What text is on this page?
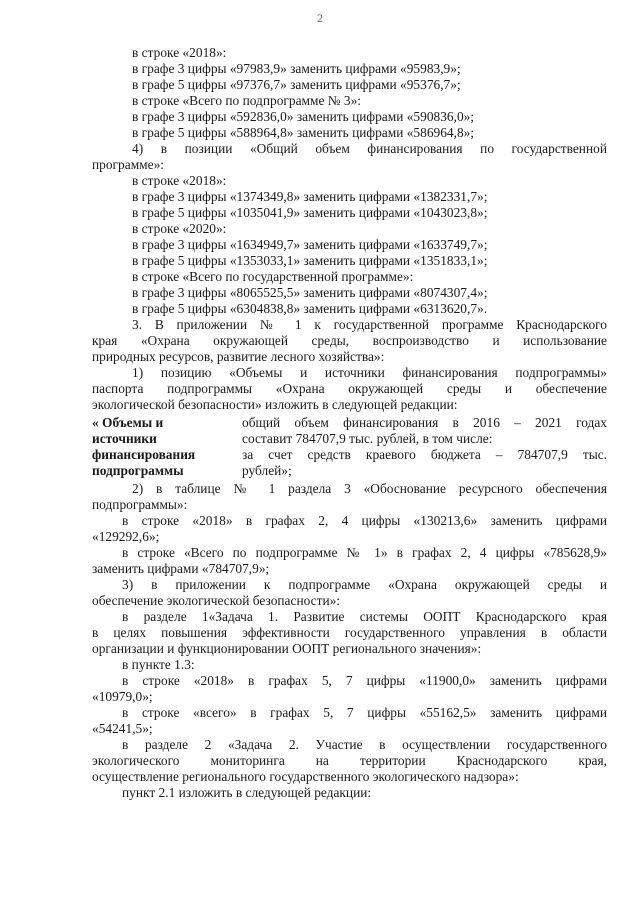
2
в строке «2018»:
в графе 3 цифры «97983,9» заменить цифрами «95983,9»;
в графе 5 цифры «97376,7» заменить цифрами «95376,7»;
в строке «Всего по подпрограмме № 3»:
в графе 3 цифры «592836,0» заменить цифрами «590836,0»;
в графе 5 цифры «588964,8» заменить цифрами «586964,8»;
4) в позиции «Общий объем финансирования по государственной
программе»:
в строке «2018»:
в графе 3 цифры «1374349,8» заменить цифрами «1382331,7»;
в графе 5 цифры «1035041,9» заменить цифрами «1043023,8»;
в строке «2020»:
в графе 3 цифры «1634949,7» заменить цифрами «1633749,7»;
в графе 5 цифры «1353033,1» заменить цифрами «1351833,1»;
в строке «Всего по государственной программе»:
в графе 3 цифры «8065525,5» заменить цифрами «8074307,4»;
в графе 5 цифры «6304838,8» заменить цифрами «6313620,7».
3. В приложении № 1 к государственной программе Краснодарского
края «Охрана окружающей среды, воспроизводство и использование
природных ресурсов, развитие лесного хозяйства»:
1) позицию «Объемы и источники финансирования подпрограммы»
паспорта подпрограммы «Охрана окружающей среды и обеспечение
экологической безопасности» изложить в следующей редакции:
« Объемы и
источники
финансирования
подпрограммы
общий объем финансирования в 2016 – 2021 годах
составит 784707,9 тыс. рублей, в том числе:
за счет средств краевого бюджета – 784707,9 тыс.
рублей»;
2) в таблице № 1 раздела 3 «Обоснование ресурсного обеспечения
подпрограммы»:
в строке «2018» в графах 2, 4 цифры «130213,6» заменить цифрами
«129292,6»;
в строке «Всего по подпрограмме № 1» в графах 2, 4 цифры «785628,9»
заменить цифрами «784707,9»;
3) в приложении к подпрограмме «Охрана окружающей среды и
обеспечение экологической безопасности»:
в разделе 1«Задача 1. Развитие системы ООПТ Краснодарского края
в целях повышения эффективности государственного управления в области
организации и функционировании ООПТ регионального значения»:
в пункте 1.3:
в строке «2018» в графах 5, 7 цифры «11900,0» заменить цифрами
«10979,0»;
в строке «всего» в графах 5, 7 цифры «55162,5» заменить цифрами
«54241,5»;
в разделе 2 «Задача 2. Участие в осуществлении государственного
экологического мониторинга на территории Краснодарского края,
осуществление регионального государственного экологического надзора»:
пункт 2.1 изложить в следующей редакции:
